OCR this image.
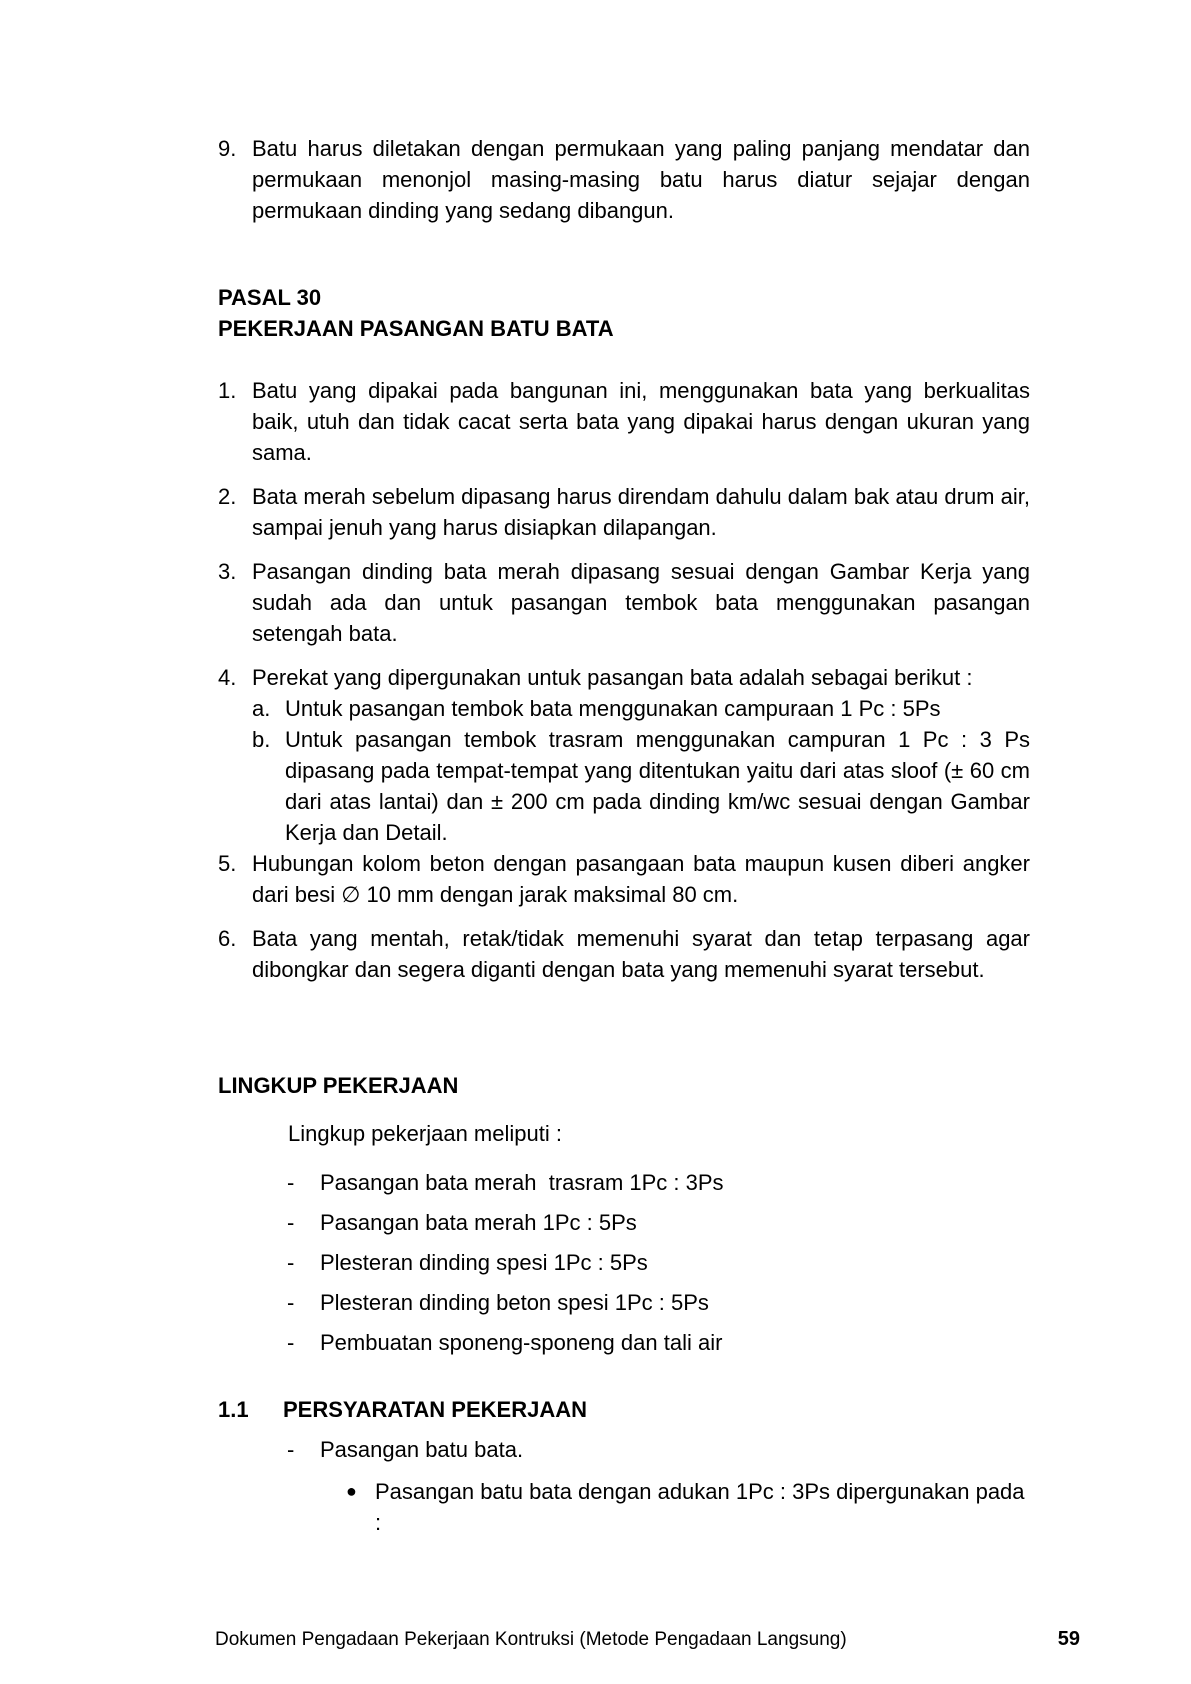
9. Batu harus diletakan dengan permukaan yang paling panjang mendatar dan permukaan menonjol masing-masing batu harus diatur sejajar dengan permukaan dinding yang sedang dibangun.
PASAL 30
PEKERJAAN PASANGAN BATU BATA
1. Batu yang dipakai pada bangunan ini, menggunakan bata yang berkualitas baik, utuh dan tidak cacat serta bata yang dipakai harus dengan ukuran yang sama.
2. Bata merah sebelum dipasang harus direndam dahulu dalam bak atau drum air, sampai jenuh yang harus disiapkan dilapangan.
3. Pasangan dinding bata merah dipasang sesuai dengan Gambar Kerja yang sudah ada dan untuk pasangan tembok bata menggunakan pasangan setengah bata.
4. Perekat yang dipergunakan untuk pasangan bata adalah sebagai berikut :
a. Untuk pasangan tembok bata menggunakan campuraan 1 Pc : 5Ps
b. Untuk pasangan tembok trasram menggunakan campuran 1 Pc : 3 Ps dipasang pada tempat-tempat yang ditentukan yaitu dari atas sloof (± 60 cm dari atas lantai) dan ± 200 cm pada dinding km/wc sesuai dengan Gambar Kerja dan Detail.
5. Hubungan kolom beton dengan pasangaan bata maupun kusen diberi angker dari besi ∅ 10 mm dengan jarak maksimal 80 cm.
6. Bata yang mentah, retak/tidak memenuhi syarat dan tetap terpasang agar dibongkar dan segera diganti dengan bata yang memenuhi syarat tersebut.
LINGKUP PEKERJAAN
Lingkup pekerjaan meliputi :
-	Pasangan bata merah  trasram 1Pc : 3Ps
-	Pasangan bata merah 1Pc : 5Ps
-	Plesteran dinding spesi 1Pc : 5Ps
-	Plesteran dinding beton spesi 1Pc : 5Ps
-	Pembuatan sponeng-sponeng dan tali air
1.1	PERSYARATAN PEKERJAAN
-	Pasangan batu bata.
● Pasangan batu bata dengan adukan 1Pc : 3Ps dipergunakan pada :
Dokumen Pengadaan Pekerjaan Kontruksi (Metode Pengadaan Langsung)	59
